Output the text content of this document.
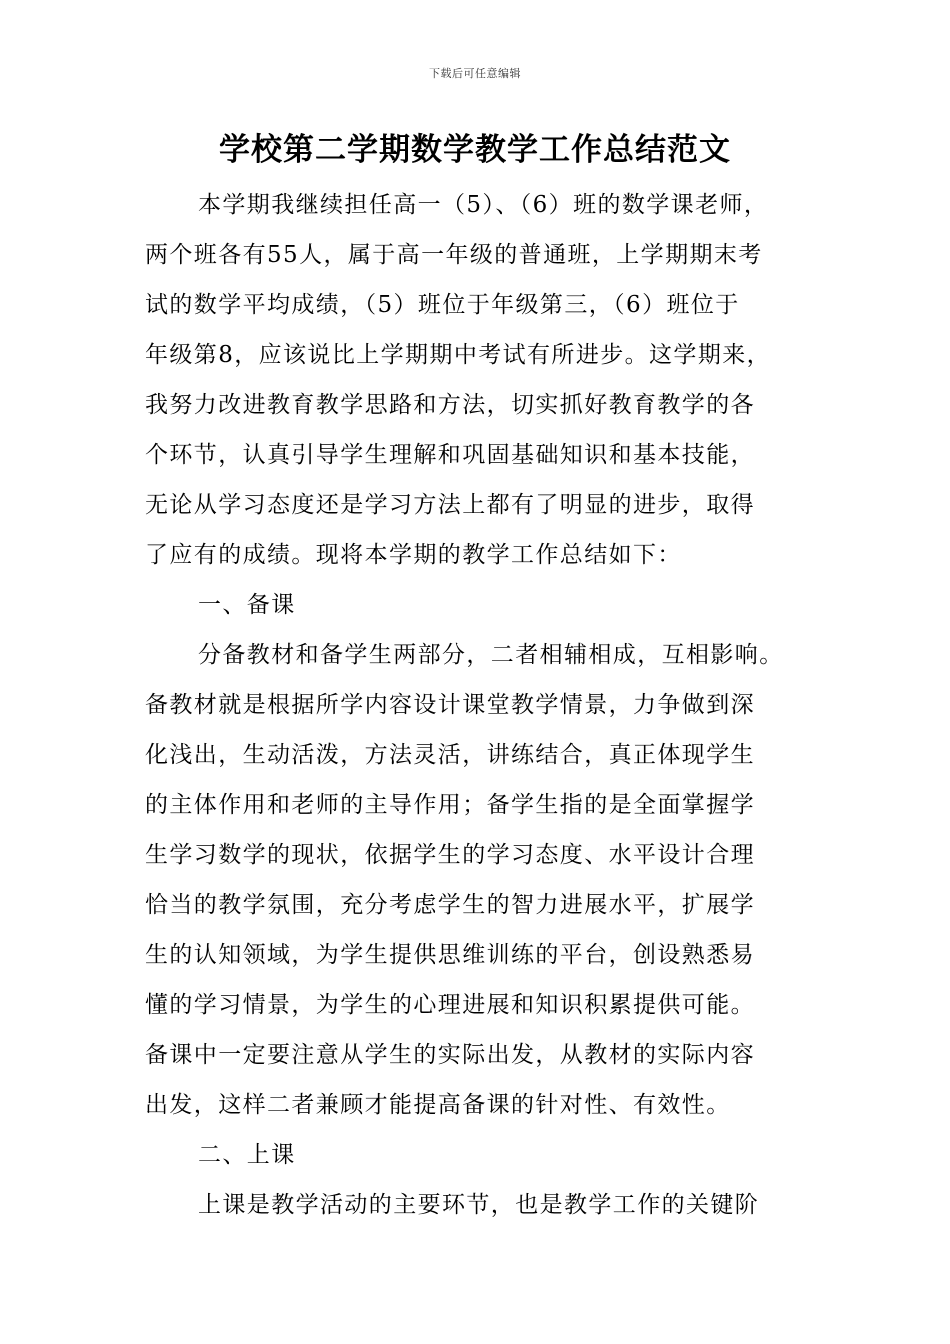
下载后可任意编辑
学校第二学期数学教学工作总结范文
本学期我继续担任高一（5）、（6）班的数学课老师，
两个班各有55人，属于高一年级的普通班，上学期期末考
试的数学平均成绩，（5）班位于年级第三，（6）班位于
年级第8，应该说比上学期期中考试有所进步。这学期来，
我努力改进教育教学思路和方法，切实抓好教育教学的各
个环节，认真引导学生理解和巩固基础知识和基本技能，
无论从学习态度还是学习方法上都有了明显的进步，取得
了应有的成绩。现将本学期的教学工作总结如下：
一、备课
分备教材和备学生两部分，二者相辅相成，互相影响。
备教材就是根据所学内容设计课堂教学情景，力争做到深
化浅出，生动活泼，方法灵活，讲练结合，真正体现学生
的主体作用和老师的主导作用；备学生指的是全面掌握学
生学习数学的现状，依据学生的学习态度、水平设计合理
恰当的教学氛围，充分考虑学生的智力进展水平，扩展学
生的认知领域，为学生提供思维训练的平台，创设熟悉易
懂的学习情景，为学生的心理进展和知识积累提供可能。
备课中一定要注意从学生的实际出发，从教材的实际内容
出发，这样二者兼顾才能提高备课的针对性、有效性。
二、上课
上课是教学活动的主要环节，也是教学工作的关键阶
